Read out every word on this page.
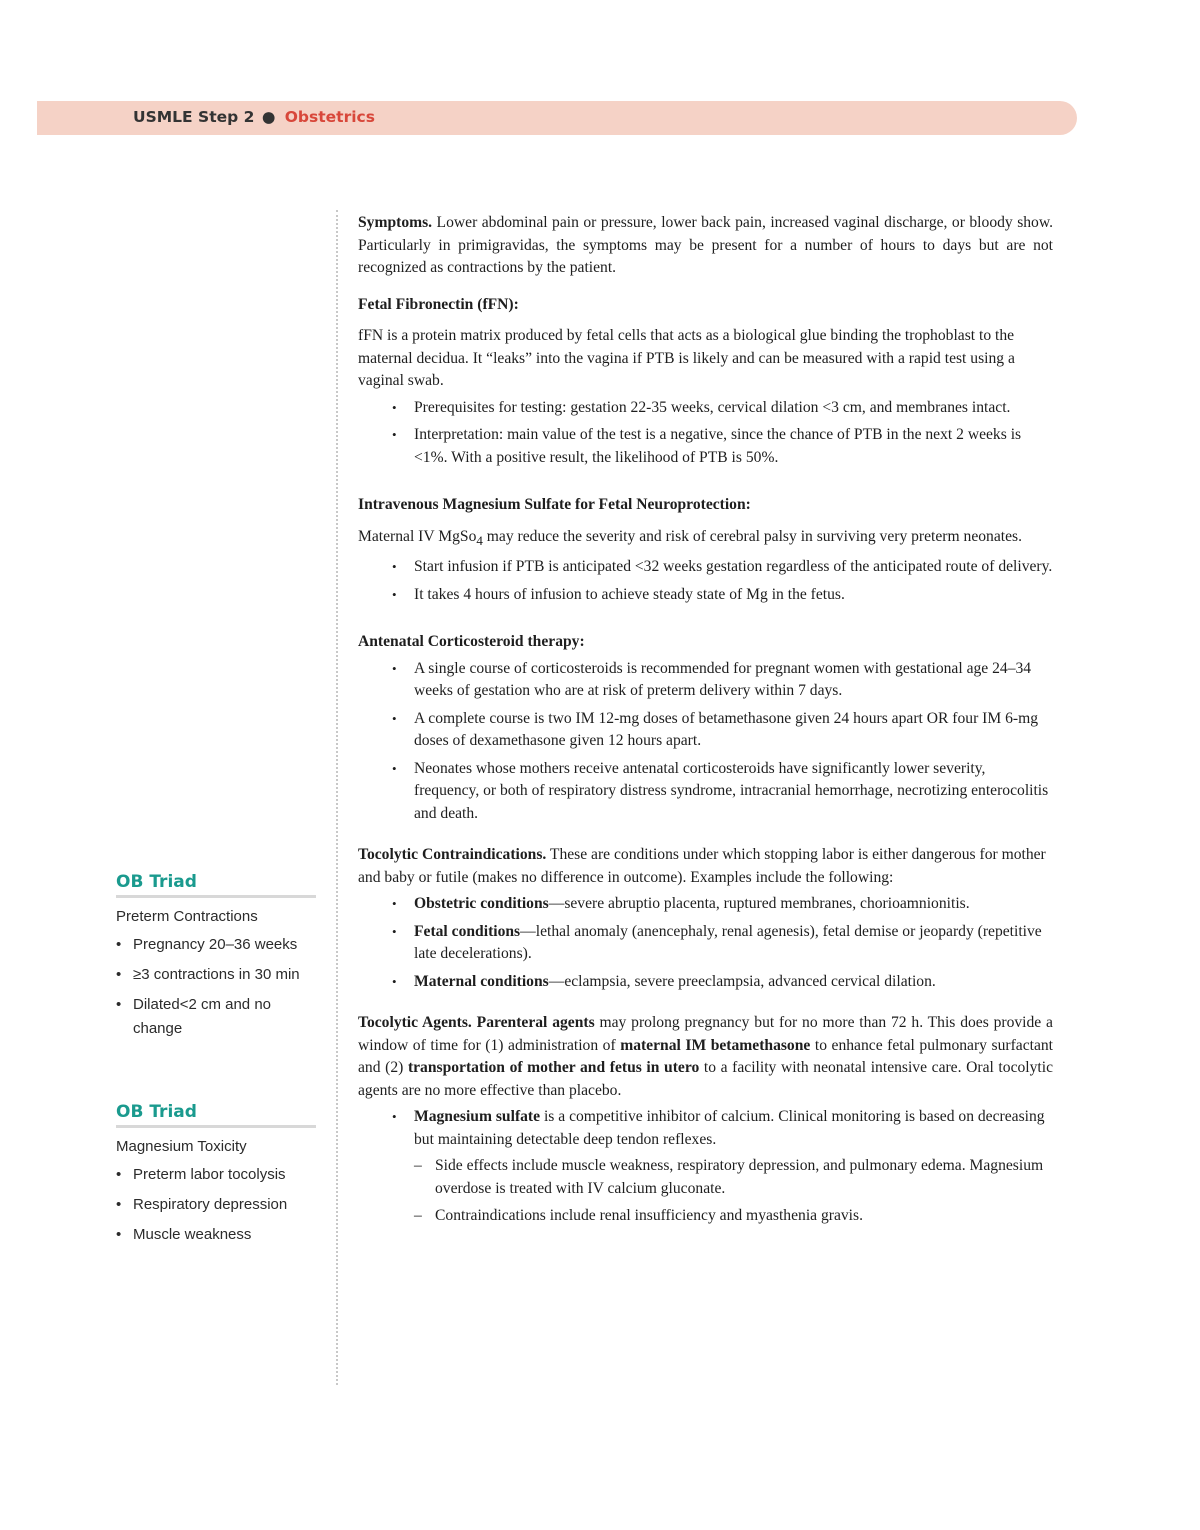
USMLE Step 2 ● Obstetrics
OB Triad
Preterm Contractions
• Pregnancy 20–36 weeks
• ≥3 contractions in 30 min
• Dilated<2 cm and no change
OB Triad
Magnesium Toxicity
• Preterm labor tocolysis
• Respiratory depression
• Muscle weakness

Symptoms. Lower abdominal pain or pressure, lower back pain, increased vaginal discharge, or bloody show. Particularly in primigravidas, the symptoms may be present for a number of hours to days but are not recognized as contractions by the patient.

Fetal Fibronectin (fFN):

fFN is a protein matrix produced by fetal cells that acts as a biological glue binding the trophoblast to the maternal decidua. It “leaks” into the vagina if PTB is likely and can be measured with a rapid test using a vaginal swab.

• Prerequisites for testing: gestation 22-35 weeks, cervical dilation <3 cm, and membranes intact.
• Interpretation: main value of the test is a negative, since the chance of PTB in the next 2 weeks is <1%. With a positive result, the likelihood of PTB is 50%.

Intravenous Magnesium Sulfate for Fetal Neuroprotection:

Maternal IV MgSo$_4$ may reduce the severity and risk of cerebral palsy in surviving very preterm neonates.

• Start infusion if PTB is anticipated <32 weeks gestation regardless of the anticipated route of delivery.
• It takes 4 hours of infusion to achieve steady state of Mg in the fetus.

Antenatal Corticosteroid therapy:

• A single course of corticosteroids is recommended for pregnant women with gestational age 24–34 weeks of gestation who are at risk of preterm delivery within 7 days.
• A complete course is two IM 12-mg doses of betamethasone given 24 hours apart OR four IM 6-mg doses of dexamethasone given 12 hours apart.
• Neonates whose mothers receive antenatal corticosteroids have significantly lower severity, frequency, or both of respiratory distress syndrome, intracranial hemorrhage, necrotizing enterocolitis and death.

Tocolytic Contraindications. These are conditions under which stopping labor is either dangerous for mother and baby or futile (makes no difference in outcome). Examples include the following:

• Obstetric conditions—severe abruptio placenta, ruptured membranes, chorioamnionitis.
• Fetal conditions—lethal anomaly (anencephaly, renal agenesis), fetal demise or jeopardy (repetitive late decelerations).
• Maternal conditions—eclampsia, severe preeclampsia, advanced cervical dilation.

Tocolytic Agents. Parenteral agents may prolong pregnancy but for no more than 72 h. This does provide a window of time for (1) administration of maternal IM betamethasone to enhance fetal pulmonary surfactant and (2) transportation of mother and fetus in utero to a facility with neonatal intensive care. Oral tocolytic agents are no more effective than placebo.

• Magnesium sulfate is a competitive inhibitor of calcium. Clinical monitoring is based on decreasing but maintaining detectable deep tendon reflexes.
– Side effects include muscle weakness, respiratory depression, and pulmonary edema. Magnesium overdose is treated with IV calcium gluconate.
– Contraindications include renal insufficiency and myasthenia gravis.
